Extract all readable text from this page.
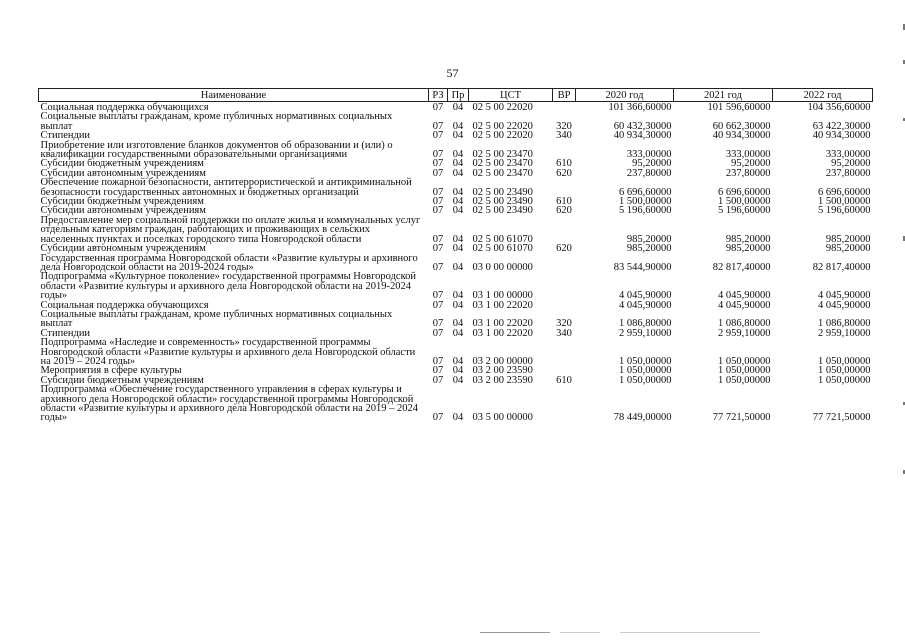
57
Наименование	РЗ	Пр	ЦСТ	ВР	2020 год	2021 год	2022 год
Социальная поддержка обучающихся	07	04	02 5 00 22020		101 366,60000	101 596,60000	104 356,60000
Социальные выплаты гражданам, кроме публичных нормативных социальных выплат	07	04	02 5 00 22020	320	60 432,30000	60 662,30000	63 422,30000
Стипендии	07	04	02 5 00 22020	340	40 934,30000	40 934,30000	40 934,30000
Приобретение или изготовление бланков документов об образовании и (или) о квалификации государственными образовательными организациями	07	04	02 5 00 23470		333,00000	333,00000	333,00000
Субсидии бюджетным учреждениям	07	04	02 5 00 23470	610	95,20000	95,20000	95,20000
Субсидии автономным учреждениям	07	04	02 5 00 23470	620	237,80000	237,80000	237,80000
Обеспечение пожарной безопасности, антитеррористической и антикриминальной безопасности государственных автономных и бюджетных организаций	07	04	02 5 00 23490		6 696,60000	6 696,60000	6 696,60000
Субсидии бюджетным учреждениям	07	04	02 5 00 23490	610	1 500,00000	1 500,00000	1 500,00000
Субсидии автономным учреждениям	07	04	02 5 00 23490	620	5 196,60000	5 196,60000	5 196,60000
Предоставление мер социальной поддержки по оплате жилья и коммунальных услуг отдельным категориям граждан, работающих и проживающих в сельских населенных пунктах и поселках городского типа Новгородской области	07	04	02 5 00 61070		985,20000	985,20000	985,20000
Субсидии автономным учреждениям	07	04	02 5 00 61070	620	985,20000	985,20000	985,20000
Государственная программа Новгородской области «Развитие культуры и архивного дела Новгородской области на 2019-2024 годы»	07	04	03 0 00 00000		83 544,90000	82 817,40000	82 817,40000
Подпрограмма «Культурное поколение» государственной программы Новгородской области «Развитие культуры и архивного дела Новгородской области на 2019-2024 годы»	07	04	03 1 00 00000		4 045,90000	4 045,90000	4 045,90000
Социальная поддержка обучающихся	07	04	03 1 00 22020		4 045,90000	4 045,90000	4 045,90000
Социальные выплаты гражданам, кроме публичных нормативных социальных выплат	07	04	03 1 00 22020	320	1 086,80000	1 086,80000	1 086,80000
Стипендии	07	04	03 1 00 22020	340	2 959,10000	2 959,10000	2 959,10000
Подпрограмма «Наследие и современность» государственной программы Новгородской области «Развитие культуры и архивного дела Новгородской области на 2019 – 2024 годы»	07	04	03 2 00 00000		1 050,00000	1 050,00000	1 050,00000
Мероприятия в сфере культуры	07	04	03 2 00 23590		1 050,00000	1 050,00000	1 050,00000
Субсидии бюджетным учреждениям	07	04	03 2 00 23590	610	1 050,00000	1 050,00000	1 050,00000
Подпрограмма «Обеспечение государственного управления в сферах культуры и архивного дела Новгородской области» государственной программы Новгородской области «Развитие культуры и архивного дела Новгородской области на 2019 – 2024 годы»	07	04	03 5 00 00000		78 449,00000	77 721,50000	77 721,50000
